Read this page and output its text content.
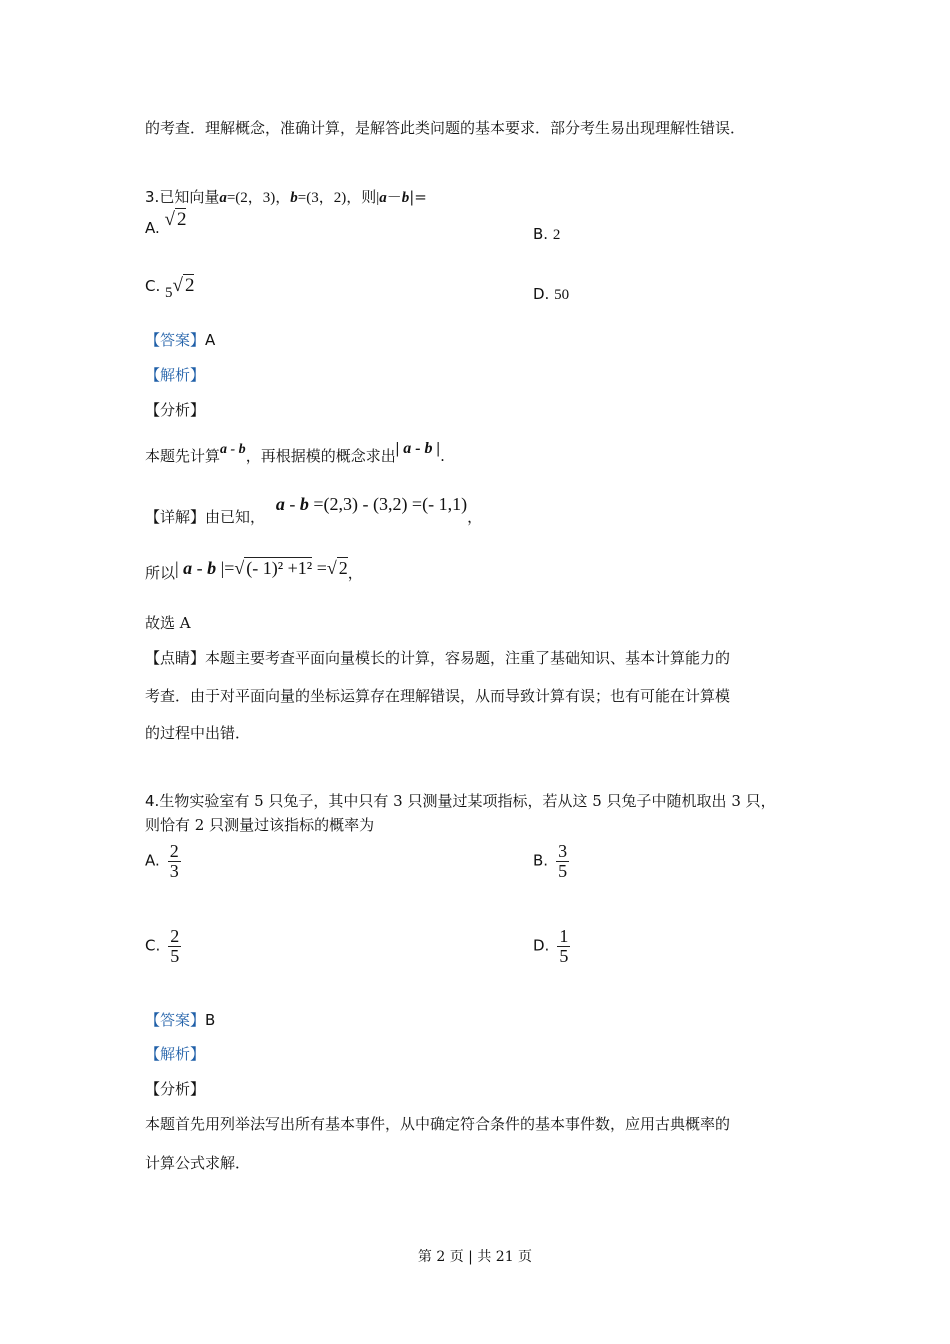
的考查．理解概念，准确计算，是解答此类问题的基本要求．部分考生易出现理解性错误．
3.已知向量a=(2，3)，b=(3，2)，则|a－b|=
A. √ 2
B. 2
C. 5√ 2	D. 50
【答案】A
【解析】
【分析】
本题先计算a - b，再根据模的概念求出| a - b |.
【详解】由已知， a - b =(2,3) - (3,2) =(- 1,1)，
所以| a - b |=√ (- 1)² +1² =√ 2，
故选 A
【点睛】本题主要考查平面向量模长的计算，容易题，注重了基础知识、基本计算能力的
考查．由于对平面向量的坐标运算存在理解错误，从而导致计算有误；也有可能在计算模
的过程中出错．
4.生物实验室有 5 只兔子，其中只有 3 只测量过某项指标，若从这 5 只兔子中随机取出 3 只，
则恰有 2 只测量过该指标的概率为
A. $\frac{2}{3}$	B. $\frac{3}{5}$
C. $\frac{2}{5}$	D. $\frac{1}{5}$
【答案】B
【解析】
【分析】
本题首先用列举法写出所有基本事件，从中确定符合条件的基本事件数，应用古典概率的
计算公式求解．
第 2 页 | 共 21 页
